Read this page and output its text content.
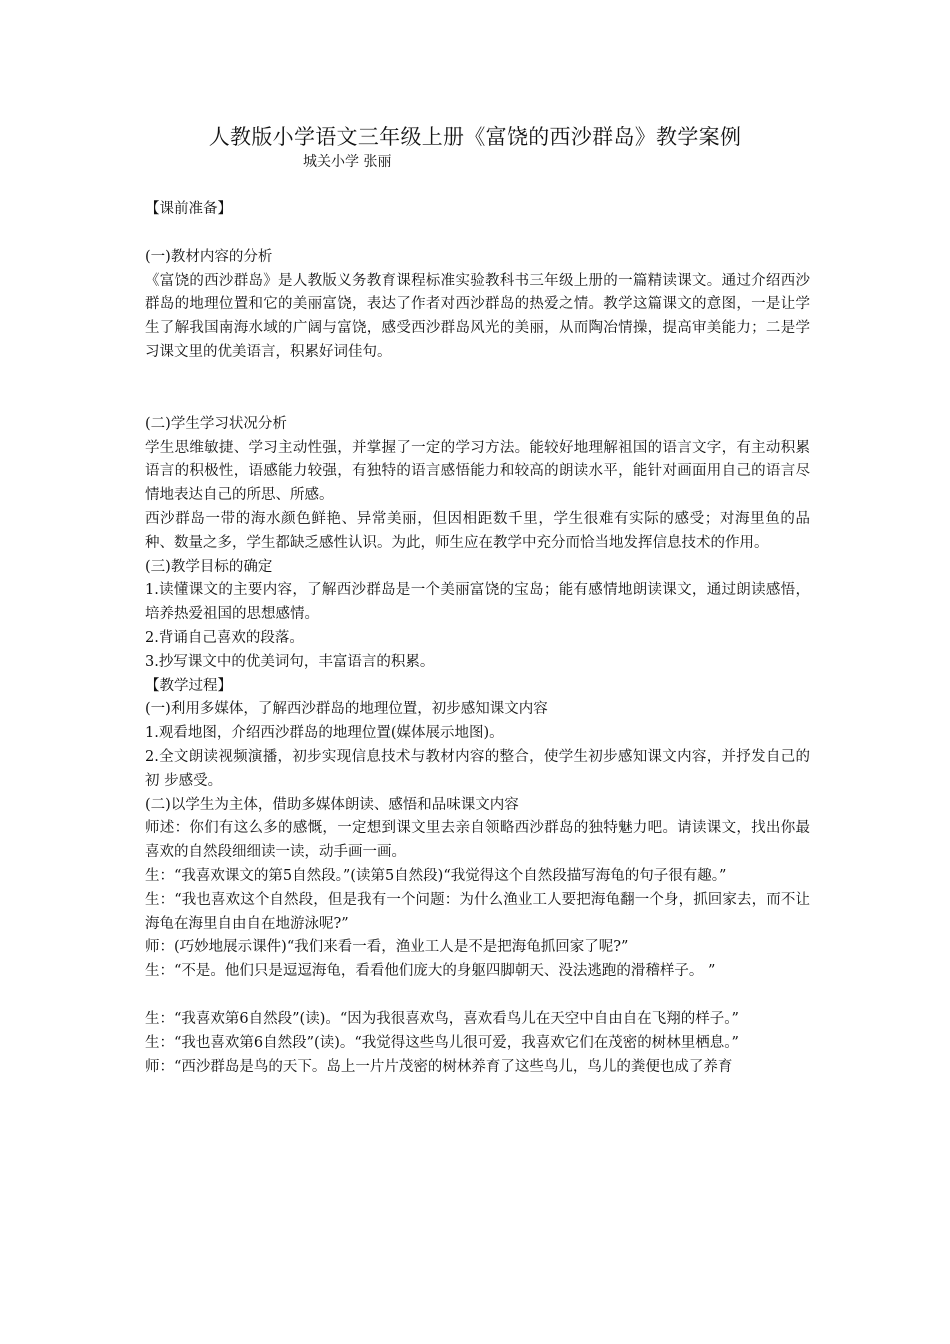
人教版小学语文三年级上册《富饶的西沙群岛》教学案例
城关小学 张丽

【课前准备】

(一)教材内容的分析

《富饶的西沙群岛》是人教版义务教育课程标准实验教科书三年级上册的一篇精读课文。通过介绍西沙群岛的地理位置和它的美丽富饶，表达了作者对西沙群岛的热爱之情。教学这篇课文的意图，一是让学生了解我国南海水域的广阔与富饶，感受西沙群岛风光的美丽，从而陶冶情操，提高审美能力；二是学习课文里的优美语言，积累好词佳句。

(二)学生学习状况分析

学生思维敏捷、学习主动性强，并掌握了一定的学习方法。能较好地理解祖国的语言文字，有主动积累语言的积极性，语感能力较强，有独特的语言感悟能力和较高的朗读水平，能针对画面用自己的语言尽情地表达自己的所思、所感。

西沙群岛一带的海水颜色鲜艳、异常美丽，但因相距数千里，学生很难有实际的感受；对海里鱼的品种、数量之多，学生都缺乏感性认识。为此，师生应在教学中充分而恰当地发挥信息技术的作用。

(三)教学目标的确定

1.读懂课文的主要内容，了解西沙群岛是一个美丽富饶的宝岛；能有感情地朗读课文，通过朗读感悟，培养热爱祖国的思想感情。

2.背诵自己喜欢的段落。

3.抄写课文中的优美词句，丰富语言的积累。

【教学过程】

(一)利用多媒体，了解西沙群岛的地理位置，初步感知课文内容

1.观看地图，介绍西沙群岛的地理位置(媒体展示地图)。

2.全文朗读视频演播，初步实现信息技术与教材内容的整合，使学生初步感知课文内容，并抒发自己的初 步感受。

(二)以学生为主体，借助多媒体朗读、感悟和品味课文内容

师述：你们有这么多的感慨，一定想到课文里去亲自领略西沙群岛的独特魅力吧。请读课文，找出你最喜欢的自然段细细读一读，动手画一画。

生：“我喜欢课文的第5自然段。”(读第5自然段)“我觉得这个自然段描写海龟的句子很有趣。”

生：“我也喜欢这个自然段，但是我有一个问题：为什么渔业工人要把海龟翻一个身，抓回家去，而不让海龟在海里自由自在地游泳呢?”

师：(巧妙地展示课件)“我们来看一看，渔业工人是不是把海龟抓回家了呢?”

生：“不是。他们只是逗逗海龟，看看他们庞大的身躯四脚朝天、没法逃跑的滑稽样子。 ”

生：“我喜欢第6自然段”(读)。“因为我很喜欢鸟，喜欢看鸟儿在天空中自由自在飞翔的样子。”

生：“我也喜欢第6自然段”(读)。“我觉得这些鸟儿很可爱，我喜欢它们在茂密的树林里栖息。”

师：“西沙群岛是鸟的天下。岛上一片片茂密的树林养育了这些鸟儿，鸟儿的粪便也成了养育
